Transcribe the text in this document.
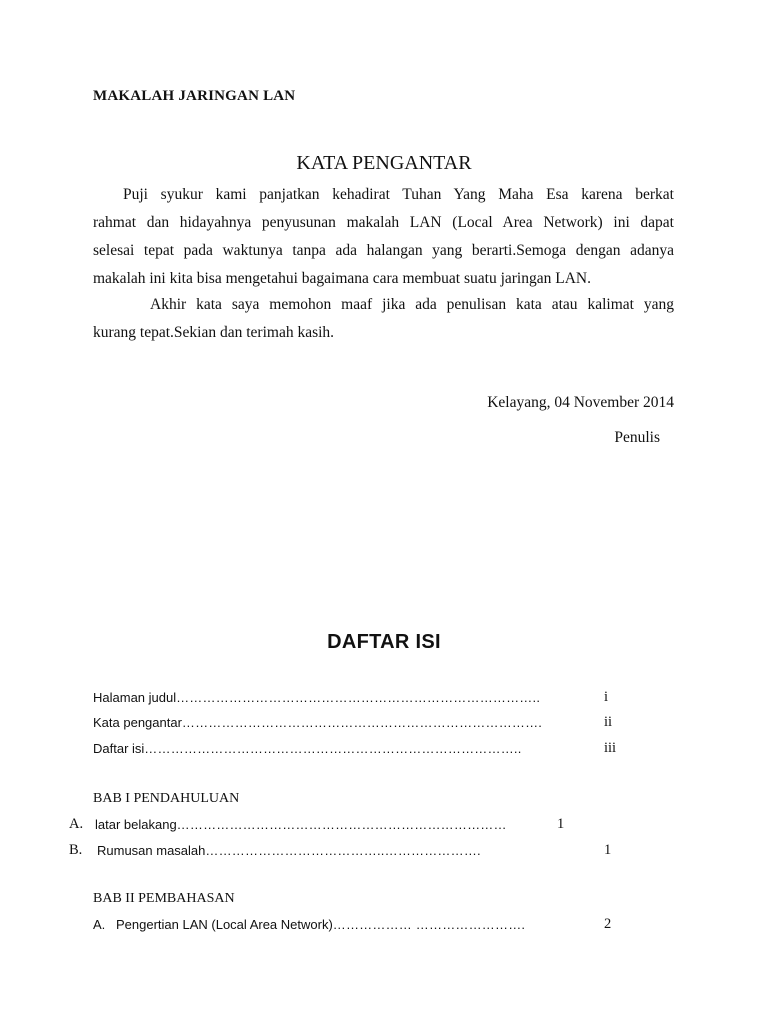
MAKALAH JARINGAN LAN
KATA PENGANTAR
Puji syukur kami panjatkan kehadirat Tuhan Yang Maha Esa karena berkat
rahmat dan hidayahnya penyusunan makalah LAN (Local Area Network) ini dapat
selesai tepat pada waktunya tanpa ada halangan yang berarti.Semoga dengan adanya
makalah ini kita bisa mengetahui bagaimana cara membuat suatu jaringan LAN.
Akhir kata saya memohon maaf jika ada penulisan kata atau kalimat yang
kurang tepat.Sekian dan terimah kasih.
Kelayang, 04 November 2014
Penulis
DAFTAR ISI
Halaman judul………………………………………………………………………..	i
Kata pengantar……………………………………………………………………….	ii
Daftar isi…………………………………………………………………………..	iii
BAB I PENDAHULUAN
A. latar belakang…………………………………………………………………	1
B. Rumusan masalah…………………………………..………………….	1
BAB II PEMBAHASAN
A. Pengertian LAN (Local Area Network)……………… …………………….	2
